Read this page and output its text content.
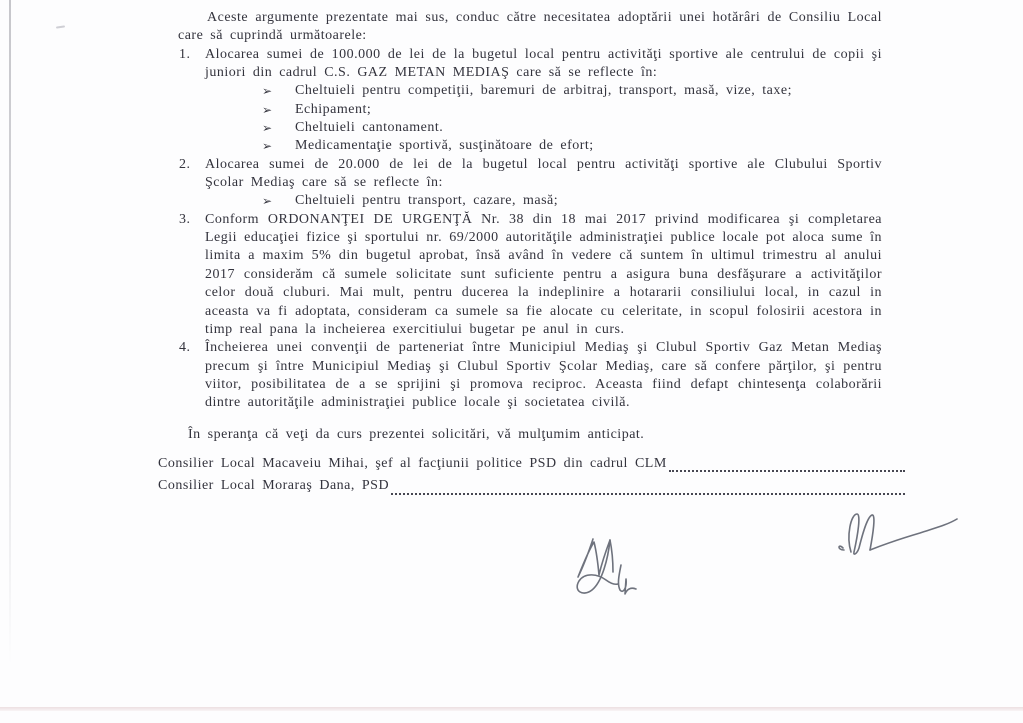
Aceste argumente prezentate mai sus, conduc către necesitatea adoptării unei hotărâri de Consiliu Local care să cuprindă următoarele:

1. Alocarea sumei de 100.000 de lei de la bugetul local pentru activităţi sportive ale centrului de copii şi juniori din cadrul C.S. GAZ METAN MEDIAŞ care să se reflecte în:
➢ Cheltuieli pentru competiţii, baremuri de arbitraj, transport, masă, vize, taxe;
➢ Echipament;
➢ Cheltuieli cantonament.
➢ Medicamentaţie sportivă, susţinătoare de efort;
2. Alocarea sumei de 20.000 de lei de la bugetul local pentru activităţi sportive ale Clubului Sportiv Şcolar Mediaş care să se reflecte în:
➢ Cheltuieli pentru transport, cazare, masă;
3. Conform ORDONANŢEI DE URGENŢĂ Nr. 38 din 18 mai 2017 privind modificarea şi completarea Legii educaţiei fizice şi sportului nr. 69/2000 autorităţile administraţiei publice locale pot aloca sume în limita a maxim 5% din bugetul aprobat, însă având în vedere că suntem în ultimul trimestru al anului 2017 considerăm că sumele solicitate sunt suficiente pentru a asigura buna desfăşurare a activităţilor celor două cluburi. Mai mult, pentru ducerea la indeplinire a hotararii consiliului local, in cazul in aceasta va fi adoptata, consideram ca sumele sa fie alocate cu celeritate, in scopul folosirii acestora in timp real pana la incheierea exercitiului bugetar pe anul in curs.
4. Încheierea unei convenţii de parteneriat între Municipiul Mediaş şi Clubul Sportiv Gaz Metan Mediaş precum şi între Municipiul Mediaş şi Clubul Sportiv Şcolar Mediaş, care să confere părţilor, şi pentru viitor, posibilitatea de a se sprijini şi promova reciproc. Aceasta fiind defapt chintesenţa colaborării dintre autorităţile administraţiei publice locale şi societatea civilă.

În speranţa că veţi da curs prezentei solicitări, vă mulţumim anticipat.

Consilier Local Macaveiu Mihai, şef al facţiunii politice PSD din cadrul CLM
Consilier Local Moraraş Dana, PSD
